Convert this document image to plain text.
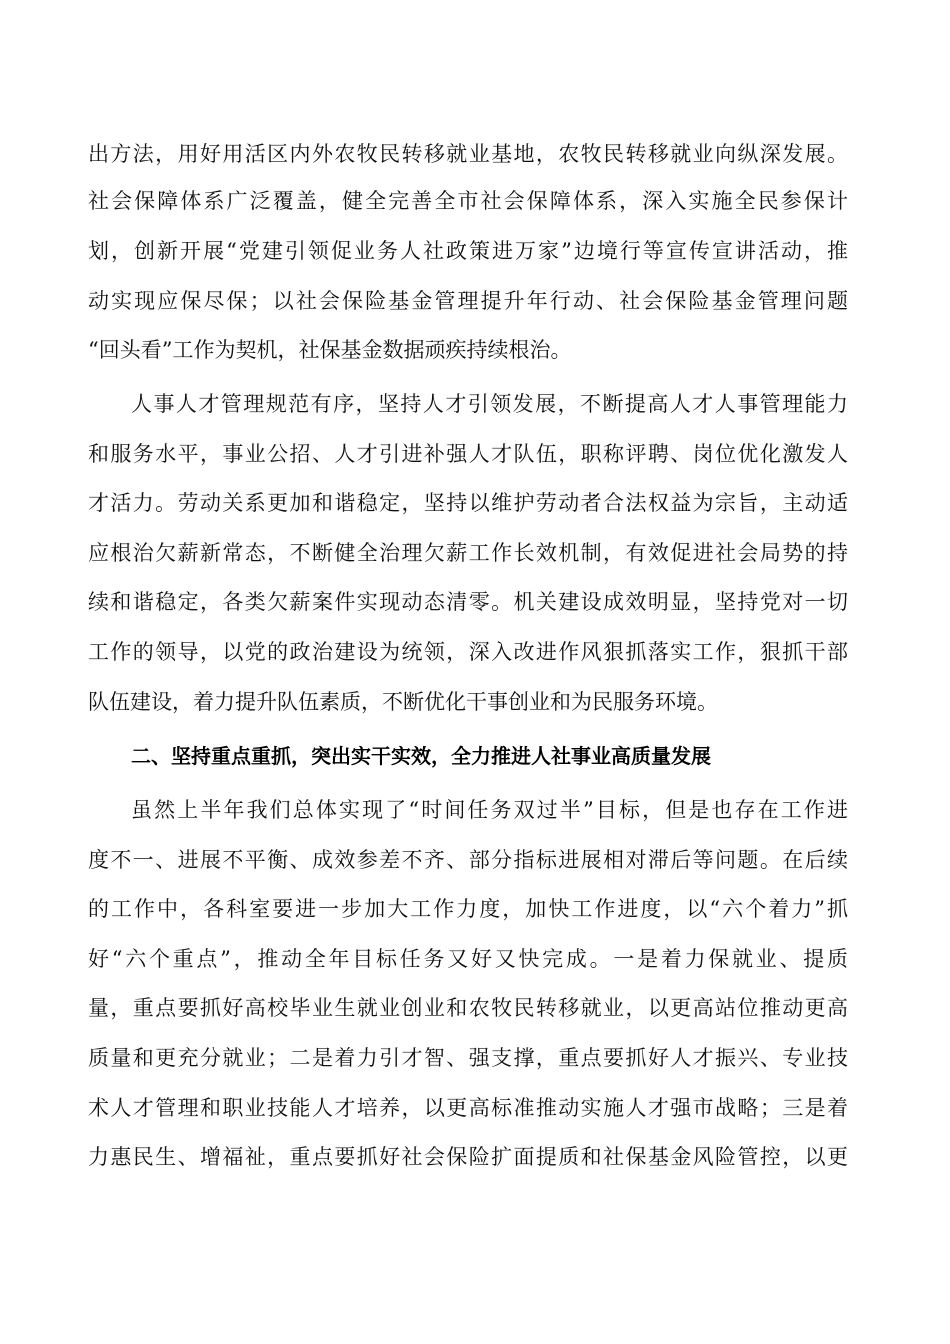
出方法，用好用活区内外农牧民转移就业基地，农牧民转移就业向纵深发展。
社会保障体系广泛覆盖，健全完善全市社会保障体系，深入实施全民参保计
划，创新开展“党建引领促业务人社政策进万家”边境行等宣传宣讲活动，推
动实现应保尽保；以社会保险基金管理提升年行动、社会保险基金管理问题
“回头看”工作为契机，社保基金数据顽疾持续根治。
人事人才管理规范有序，坚持人才引领发展，不断提高人才人事管理能力
和服务水平，事业公招、人才引进补强人才队伍，职称评聘、岗位优化激发人
才活力。劳动关系更加和谐稳定，坚持以维护劳动者合法权益为宗旨，主动适
应根治欠薪新常态，不断健全治理欠薪工作长效机制，有效促进社会局势的持
续和谐稳定，各类欠薪案件实现动态清零。机关建设成效明显，坚持党对一切
工作的领导，以党的政治建设为统领，深入改进作风狠抓落实工作，狠抓干部
队伍建设，着力提升队伍素质，不断优化干事创业和为民服务环境。
二、坚持重点重抓，突出实干实效，全力推进人社事业高质量发展
虽然上半年我们总体实现了“时间任务双过半”目标，但是也存在工作进
度不一、进展不平衡、成效参差不齐、部分指标进展相对滞后等问题。在后续
的工作中，各科室要进一步加大工作力度，加快工作进度，以“六个着力”抓
好“六个重点”，推动全年目标任务又好又快完成。一是着力保就业、提质
量，重点要抓好高校毕业生就业创业和农牧民转移就业，以更高站位推动更高
质量和更充分就业；二是着力引才智、强支撑，重点要抓好人才振兴、专业技
术人才管理和职业技能人才培养，以更高标准推动实施人才强市战略；三是着
力惠民生、增福祉，重点要抓好社会保险扩面提质和社保基金风险管控，以更
